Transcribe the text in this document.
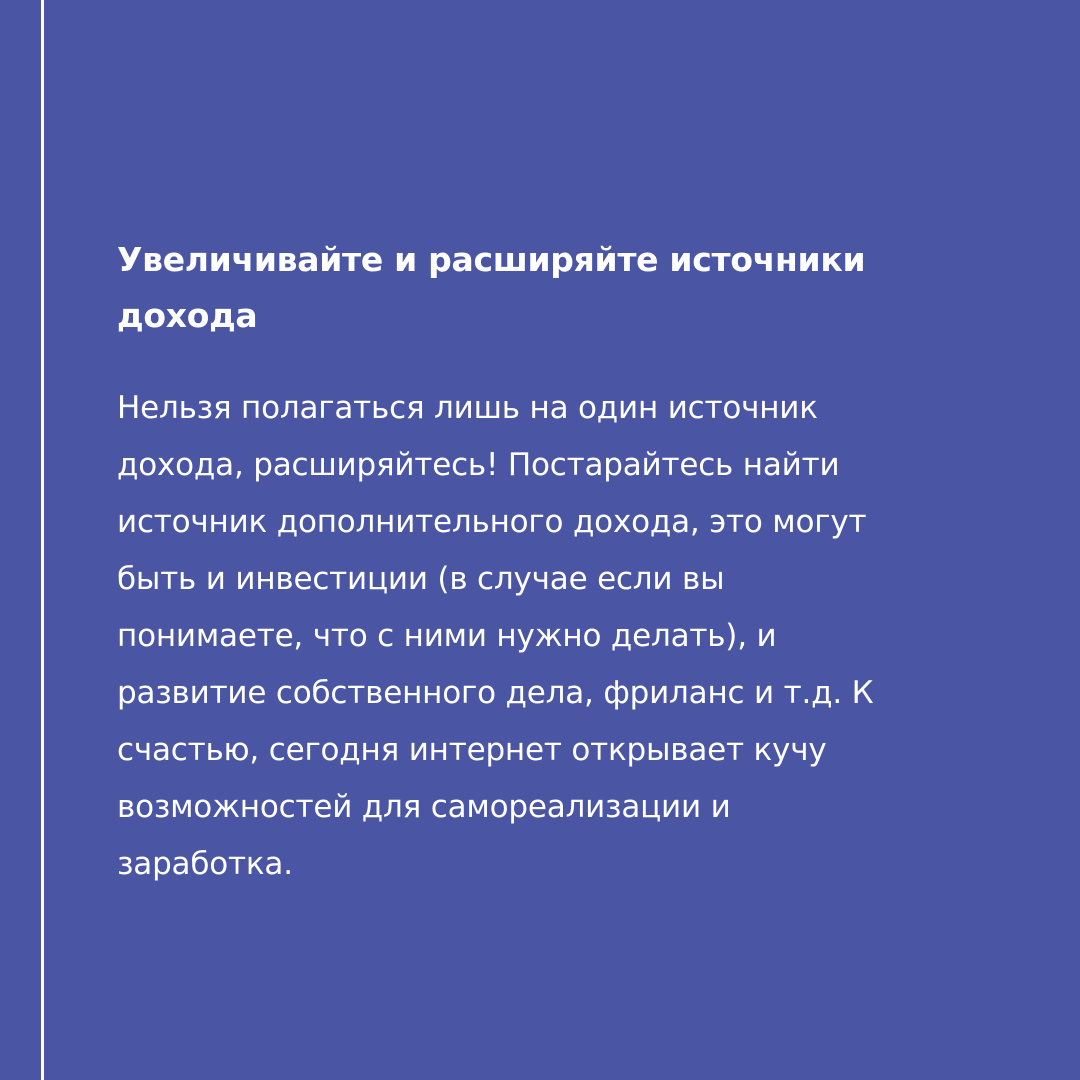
Увеличивайте и расширяйте источники
дохода

Нельзя полагаться лишь на один источник
дохода, расширяйтесь! Постарайтесь найти
источник дополнительного дохода, это могут
быть и инвестиции (в случае если вы
понимаете, что с ними нужно делать), и
развитие собственного дела, фриланс и т.д. К
счастью, сегодня интернет открывает кучу
возможностей для самореализации и
заработка.
